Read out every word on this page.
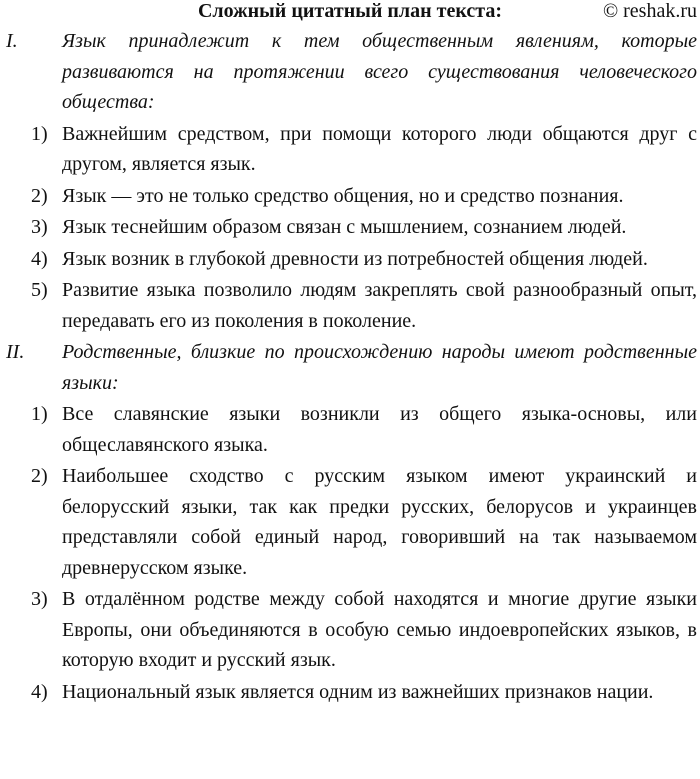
Сложный цитатный план текста:	© reshak.ru
I. Язык принадлежит к тем общественным явлениям, которые развиваются на протяжении всего существования человеческого общества:
1) Важнейшим средством, при помощи которого люди общаются друг с другом, является язык.
2) Язык — это не только средство общения, но и средство познания.
3) Язык теснейшим образом связан с мышлением, сознанием людей.
4) Язык возник в глубокой древности из потребностей общения людей.
5) Развитие языка позволило людям закреплять свой разнообразный опыт, передавать его из поколения в поколение.
II. Родственные, близкие по происхождению народы имеют родственные языки:
1) Все славянские языки возникли из общего языка-основы, или общеславянского языка.
2) Наибольшее сходство с русским языком имеют украинский и белорусский языки, так как предки русских, белорусов и украинцев представляли собой единый народ, говоривший на так называемом древнерусском языке.
3) В отдалённом родстве между собой находятся и многие другие языки Европы, они объединяются в особую семью индоевропейских языков, в которую входит и русский язык.
4) Национальный язык является одним из важнейших признаков нации.
